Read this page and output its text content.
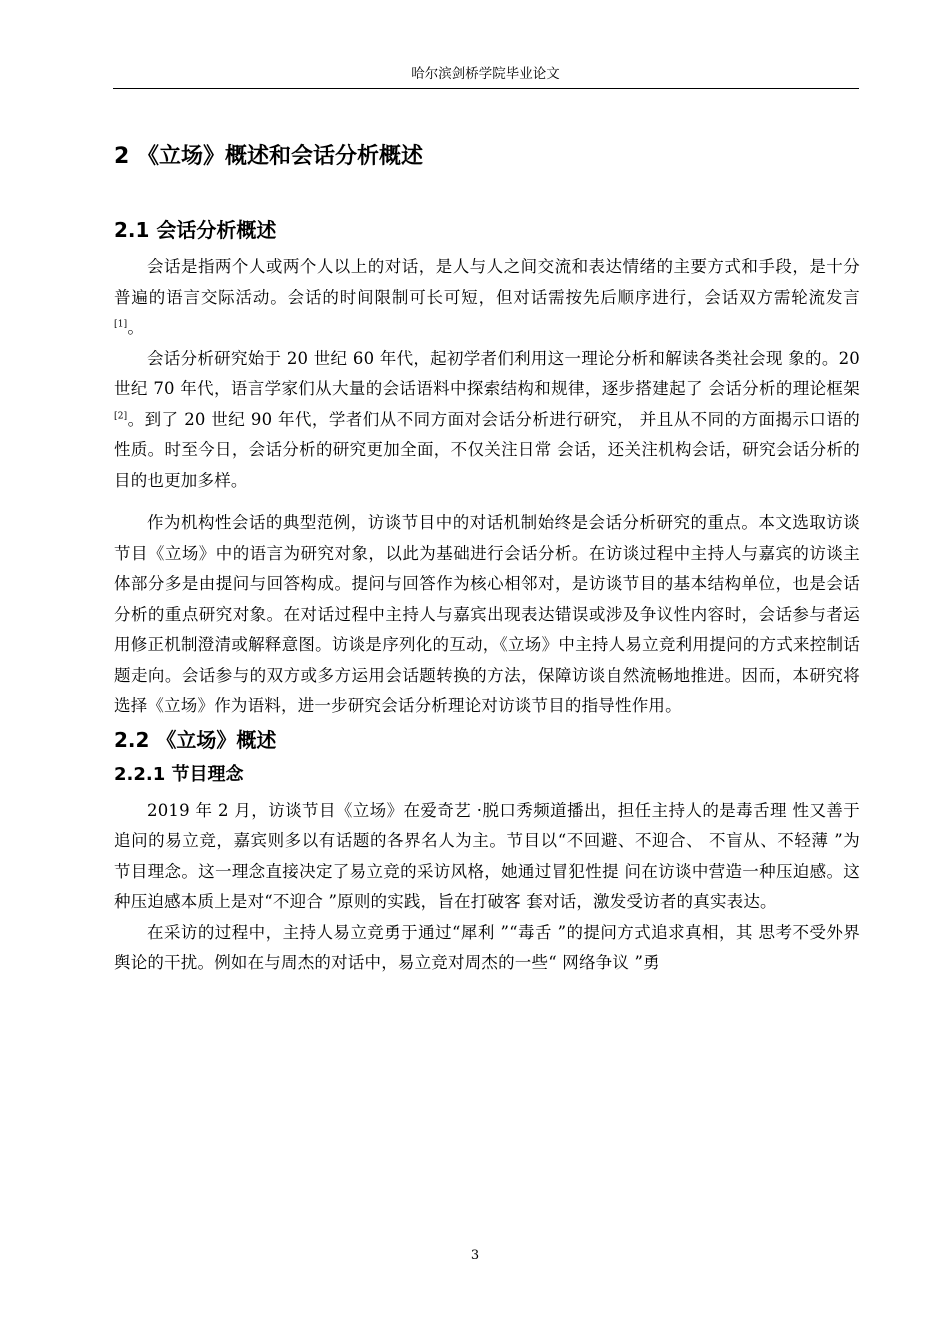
哈尔滨剑桥学院毕业论文
2 《立场》概述和会话分析概述
2.1 会话分析概述

会话是指两个人或两个人以上的对话，是人与人之间交流和表达情绪的主要方式和手段，是十分普遍的语言交际活动。会话的时间限制可长可短，但对话需按先后顺序进行，会话双方需轮流发言[1]。

会话分析研究始于 20 世纪 60 年代，起初学者们利用这一理论分析和解读各类社会现 象的。20 世纪 70 年代，语言学家们从大量的会话语料中探索结构和规律，逐步搭建起了 会话分析的理论框架[2]。到了 20 世纪 90 年代，学者们从不同方面对会话分析进行研究， 并且从不同的方面揭示口语的性质。时至今日，会话分析的研究更加全面，不仅关注日常 会话，还关注机构会话，研究会话分析的目的也更加多样。

作为机构性会话的典型范例，访谈节目中的对话机制始终是会话分析研究的重点。本文选取访谈节目《立场》中的语言为研究对象，以此为基础进行会话分析。在访谈过程中主持人与嘉宾的访谈主体部分多是由提问与回答构成。提问与回答作为核心相邻对，是访谈节目的基本结构单位，也是会话分析的重点研究对象。在对话过程中主持人与嘉宾出现表达错误或涉及争议性内容时，会话参与者运用修正机制澄清或解释意图。访谈是序列化的互动，《立场》中主持人易立竞利用提问的方式来控制话题走向。会话参与的双方或多方运用会话题转换的方法，保障访谈自然流畅地推进。因而，本研究将选择《立场》作为语料，进一步研究会话分析理论对访谈节目的指导性作用。

2.2 《立场》概述
2.2.1 节目理念

2019 年 2 月，访谈节目《立场》在爱奇艺 ·脱口秀频道播出，担任主持人的是毒舌理 性又善于追问的易立竞，嘉宾则多以有话题的各界名人为主。节目以“不回避、不迎合、 不盲从、不轻薄 ”为节目理念。这一理念直接决定了易立竞的采访风格，她通过冒犯性提 问在访谈中营造一种压迫感。这种压迫感本质上是对“不迎合 ”原则的实践，旨在打破客 套对话，激发受访者的真实表达。

在采访的过程中，主持人易立竞勇于通过“犀利 ”“毒舌 ”的提问方式追求真相，其 思考不受外界舆论的干扰。例如在与周杰的对话中，易立竞对周杰的一些“ 网络争议 ”勇

3
